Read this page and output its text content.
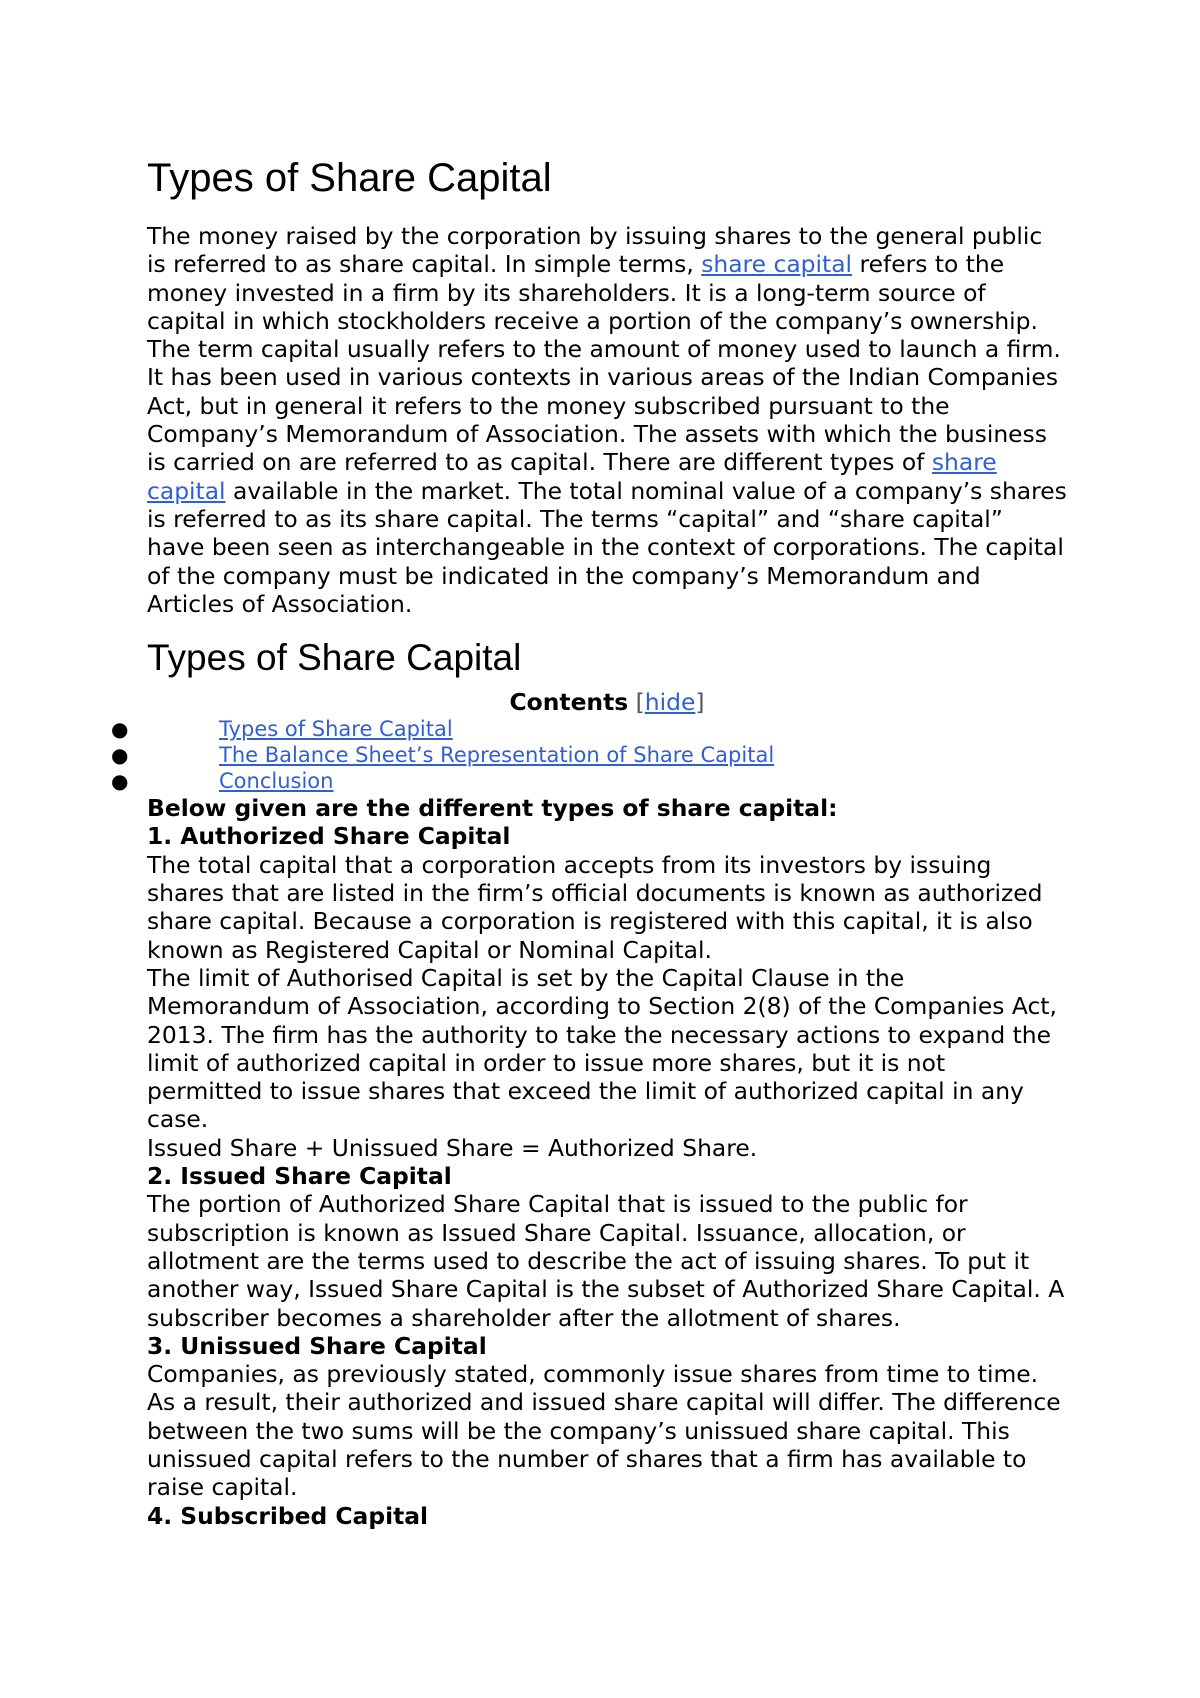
Types of Share Capital

The money raised by the corporation by issuing shares to the general public is referred to as share capital. In simple terms, share capital refers to the money invested in a firm by its shareholders. It is a long-term source of capital in which stockholders receive a portion of the company’s ownership. The term capital usually refers to the amount of money used to launch a firm. It has been used in various contexts in various areas of the Indian Companies Act, but in general it refers to the money subscribed pursuant to the Company’s Memorandum of Association. The assets with which the business is carried on are referred to as capital. There are different types of share capital available in the market. The total nominal value of a company’s shares is referred to as its share capital. The terms “capital” and “share capital” have been seen as interchangeable in the context of corporations. The capital of the company must be indicated in the company’s Memorandum and Articles of Association.

Types of Share Capital

Contents [hide]

●	Types of Share Capital
●	The Balance Sheet’s Representation of Share Capital
●	Conclusion

Below given are the different types of share capital:

1. Authorized Share Capital

The total capital that a corporation accepts from its investors by issuing shares that are listed in the firm’s official documents is known as authorized share capital. Because a corporation is registered with this capital, it is also known as Registered Capital or Nominal Capital.

The limit of Authorised Capital is set by the Capital Clause in the Memorandum of Association, according to Section 2(8) of the Companies Act, 2013. The firm has the authority to take the necessary actions to expand the limit of authorized capital in order to issue more shares, but it is not permitted to issue shares that exceed the limit of authorized capital in any case.

Issued Share + Unissued Share = Authorized Share.

2. Issued Share Capital

The portion of Authorized Share Capital that is issued to the public for subscription is known as Issued Share Capital. Issuance, allocation, or allotment are the terms used to describe the act of issuing shares. To put it another way, Issued Share Capital is the subset of Authorized Share Capital. A subscriber becomes a shareholder after the allotment of shares.

3. Unissued Share Capital

Companies, as previously stated, commonly issue shares from time to time. As a result, their authorized and issued share capital will differ. The difference between the two sums will be the company’s unissued share capital. This unissued capital refers to the number of shares that a firm has available to raise capital.

4. Subscribed Capital
